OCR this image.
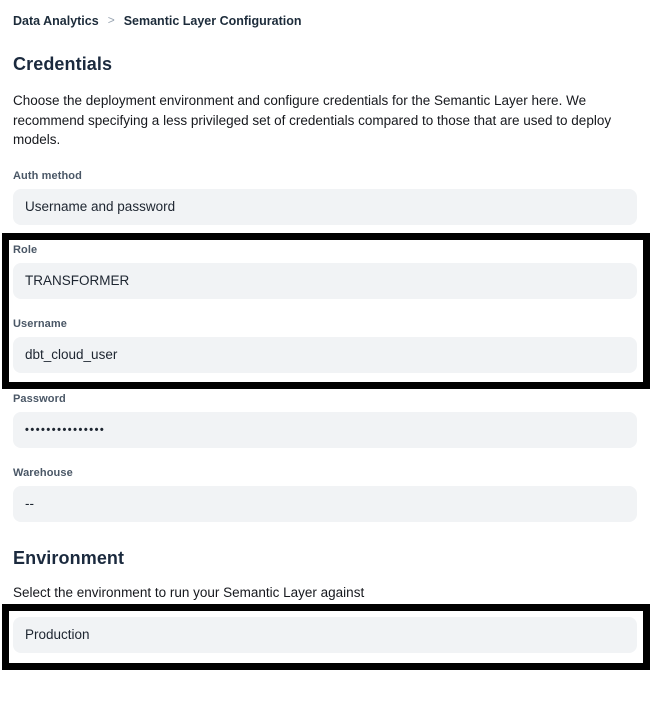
Data Analytics > Semantic Layer Configuration
Credentials

Choose the deployment environment and configure credentials for the Semantic Layer here. We recommend specifying a less privileged set of credentials compared to those that are used to deploy models.

Auth method
Username and password
Role
TRANSFORMER
Username
dbt_cloud_user
Password
•••••••••••••••
Warehouse
--
Environment

Select the environment to run your Semantic Layer against

Production
